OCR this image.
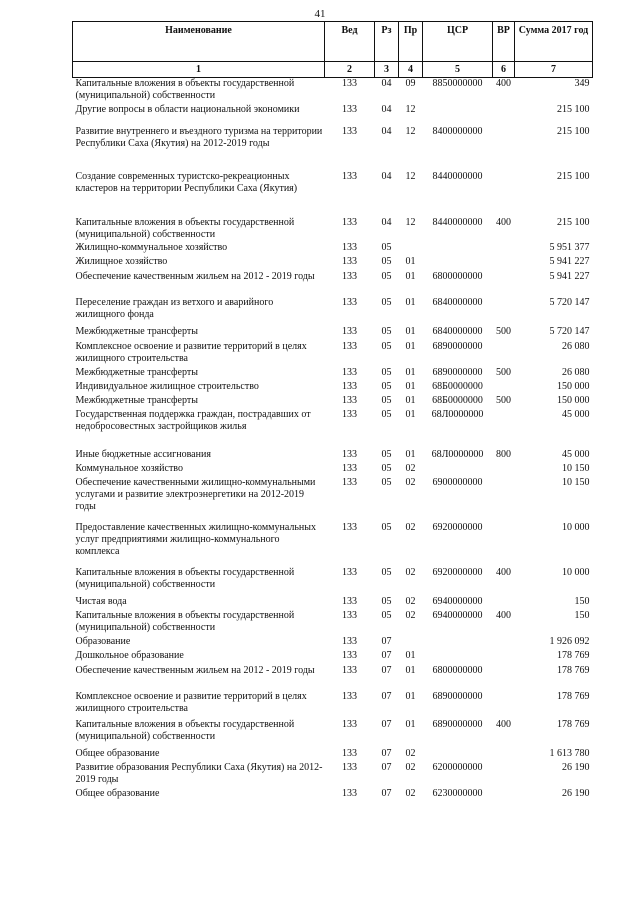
41
Наименование	Вед	Рз	Пр	ЦСР	ВР	Сумма 2017 год
1	2	3	4	5	6	7
Капитальные вложения в объекты государственной (муниципальной) собственности	133	04	09	8850000000	400	349
Другие вопросы в области национальной экономики	133	04	12			215 100
Развитие внутреннего и въездного туризма на территории Республики Саха (Якутия) на 2012-2019 годы	133	04	12	8400000000		215 100
Создание современных туристско-рекреационных кластеров на территории Республики Саха (Якутия)	133	04	12	8440000000		215 100
Капитальные вложения в объекты государственной (муниципальной) собственности	133	04	12	8440000000	400	215 100
Жилищно-коммунальное хозяйство	133	05				5 951 377
Жилищное хозяйство	133	05	01			5 941 227
Обеспечение качественным жильем на 2012 - 2019 годы	133	05	01	6800000000		5 941 227
Переселение граждан из ветхого и аварийного жилищного фонда	133	05	01	6840000000		5 720 147
Межбюджетные трансферты	133	05	01	6840000000	500	5 720 147
Комплексное освоение и развитие территорий в целях жилищного строительства	133	05	01	6890000000		26 080
Межбюджетные трансферты	133	05	01	6890000000	500	26 080
Индивидуальное жилищное строительство	133	05	01	68Б0000000		150 000
Межбюджетные трансферты	133	05	01	68Б0000000	500	150 000
Государственная поддержка граждан, пострадавших от недобросовестных застройщиков жилья	133	05	01	68Л0000000		45 000
Иные бюджетные ассигнования	133	05	01	68Л0000000	800	45 000
Коммунальное хозяйство	133	05	02			10 150
Обеспечение качественными жилищно-коммунальными услугами и развитие электроэнергетики на 2012-2019 годы	133	05	02	6900000000		10 150
Предоставление качественных жилищно-коммунальных услуг предприятиями жилищно-коммунального комплекса	133	05	02	6920000000		10 000
Капитальные вложения в объекты государственной (муниципальной) собственности	133	05	02	6920000000	400	10 000
Чистая вода	133	05	02	6940000000		150
Капитальные вложения в объекты государственной (муниципальной) собственности	133	05	02	6940000000	400	150
Образование	133	07				1 926 092
Дошкольное образование	133	07	01			178 769
Обеспечение качественным жильем на 2012 - 2019 годы	133	07	01	6800000000		178 769
Комплексное освоение и развитие территорий в целях жилищного строительства	133	07	01	6890000000		178 769
Капитальные вложения в объекты государственной (муниципальной) собственности	133	07	01	6890000000	400	178 769
Общее образование	133	07	02			1 613 780
Развитие образования Республики Саха (Якутия) на 2012-2019 годы	133	07	02	6200000000		26 190
Общее образование	133	07	02	6230000000		26 190
